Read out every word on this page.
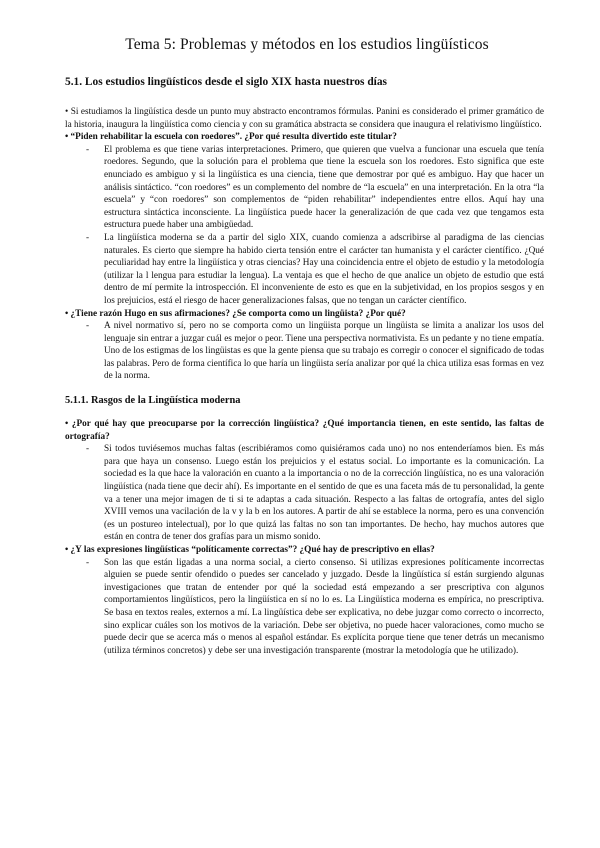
Tema 5: Problemas y métodos en los estudios lingüísticos
5.1. Los estudios lingüísticos desde el siglo XIX hasta nuestros días

• Si estudiamos la lingüística desde un punto muy abstracto encontramos fórmulas. Panini es considerado el primer gramático de la historia, inaugura la lingüística como ciencia y con su gramática abstracta se considera que inaugura el relativismo lingüístico.

• “Piden rehabilitar la escuela con roedores”. ¿Por qué resulta divertido este titular?

- El problema es que tiene varias interpretaciones. Primero, que quieren que vuelva a funcionar una escuela que tenía roedores. Segundo, que la solución para el problema que tiene la escuela son los roedores. Esto significa que este enunciado es ambiguo y si la lingüística es una ciencia, tiene que demostrar por qué es ambiguo. Hay que hacer un análisis sintáctico. “con roedores” es un complemento del nombre de “la escuela” en una interpretación. En la otra “la escuela” y “con roedores” son complementos de “piden rehabilitar” independientes entre ellos. Aquí hay una estructura sintáctica inconsciente. La lingüística puede hacer la generalización de que cada vez que tengamos esta estructura puede haber una ambigüedad.
- La lingüística moderna se da a partir del siglo XIX, cuando comienza a adscribirse al paradigma de las ciencias naturales. Es cierto que siempre ha habido cierta tensión entre el carácter tan humanista y el carácter científico. ¿Qué peculiaridad hay entre la lingüística y otras ciencias? Hay una coincidencia entre el objeto de estudio y la metodología (utilizar la l lengua para estudiar la lengua). La ventaja es que el hecho de que analice un objeto de estudio que está dentro de mí permite la introspección. El inconveniente de esto es que en la subjetividad, en los propios sesgos y en los prejuicios, está el riesgo de hacer generalizaciones falsas, que no tengan un carácter científico.

• ¿Tiene razón Hugo en sus afirmaciones? ¿Se comporta como un lingüista? ¿Por qué?

- A nivel normativo sí, pero no se comporta como un lingüista porque un lingüista se limita a analizar los usos del lenguaje sin entrar a juzgar cuál es mejor o peor. Tiene una perspectiva normativista. Es un pedante y no tiene empatía. Uno de los estigmas de los lingüistas es que la gente piensa que su trabajo es corregir o conocer el significado de todas las palabras. Pero de forma científica lo que haría un lingüista sería analizar por qué la chica utiliza esas formas en vez de la norma.
5.1.1. Rasgos de la Lingüística moderna

• ¿Por qué hay que preocuparse por la corrección lingüística? ¿Qué importancia tienen, en este sentido, las faltas de ortografía?

- Si todos tuviésemos muchas faltas (escribiéramos como quisiéramos cada uno) no nos entenderíamos bien. Es más para que haya un consenso. Luego están los prejuicios y el estatus social. Lo importante es la comunicación. La sociedad es la que hace la valoración en cuanto a la importancia o no de la corrección lingüística, no es una valoración lingüística (nada tiene que decir ahí). Es importante en el sentido de que es una faceta más de tu personalidad, la gente va a tener una mejor imagen de ti si te adaptas a cada situación. Respecto a las faltas de ortografía, antes del siglo XVIII vemos una vacilación de la v y la b en los autores. A partir de ahí se establece la norma, pero es una convención (es un postureo intelectual), por lo que quizá las faltas no son tan importantes. De hecho, hay muchos autores que están en contra de tener dos grafías para un mismo sonido.

• ¿Y las expresiones lingüísticas “políticamente correctas”? ¿Qué hay de prescriptivo en ellas?

- Son las que están ligadas a una norma social, a cierto consenso. Si utilizas expresiones políticamente incorrectas alguien se puede sentir ofendido o puedes ser cancelado y juzgado. Desde la lingüística sí están surgiendo algunas investigaciones que tratan de entender por qué la sociedad está empezando a ser prescriptiva con algunos comportamientos lingüísticos, pero la lingüística en sí no lo es. La Lingüística moderna es empírica, no prescriptiva. Se basa en textos reales, externos a mí. La lingüística debe ser explicativa, no debe juzgar como correcto o incorrecto, sino explicar cuáles son los motivos de la variación. Debe ser objetiva, no puede hacer valoraciones, como mucho se puede decir que se acerca más o menos al español estándar. Es explícita porque tiene que tener detrás un mecanismo (utiliza términos concretos) y debe ser una investigación transparente (mostrar la metodología que he utilizado).
